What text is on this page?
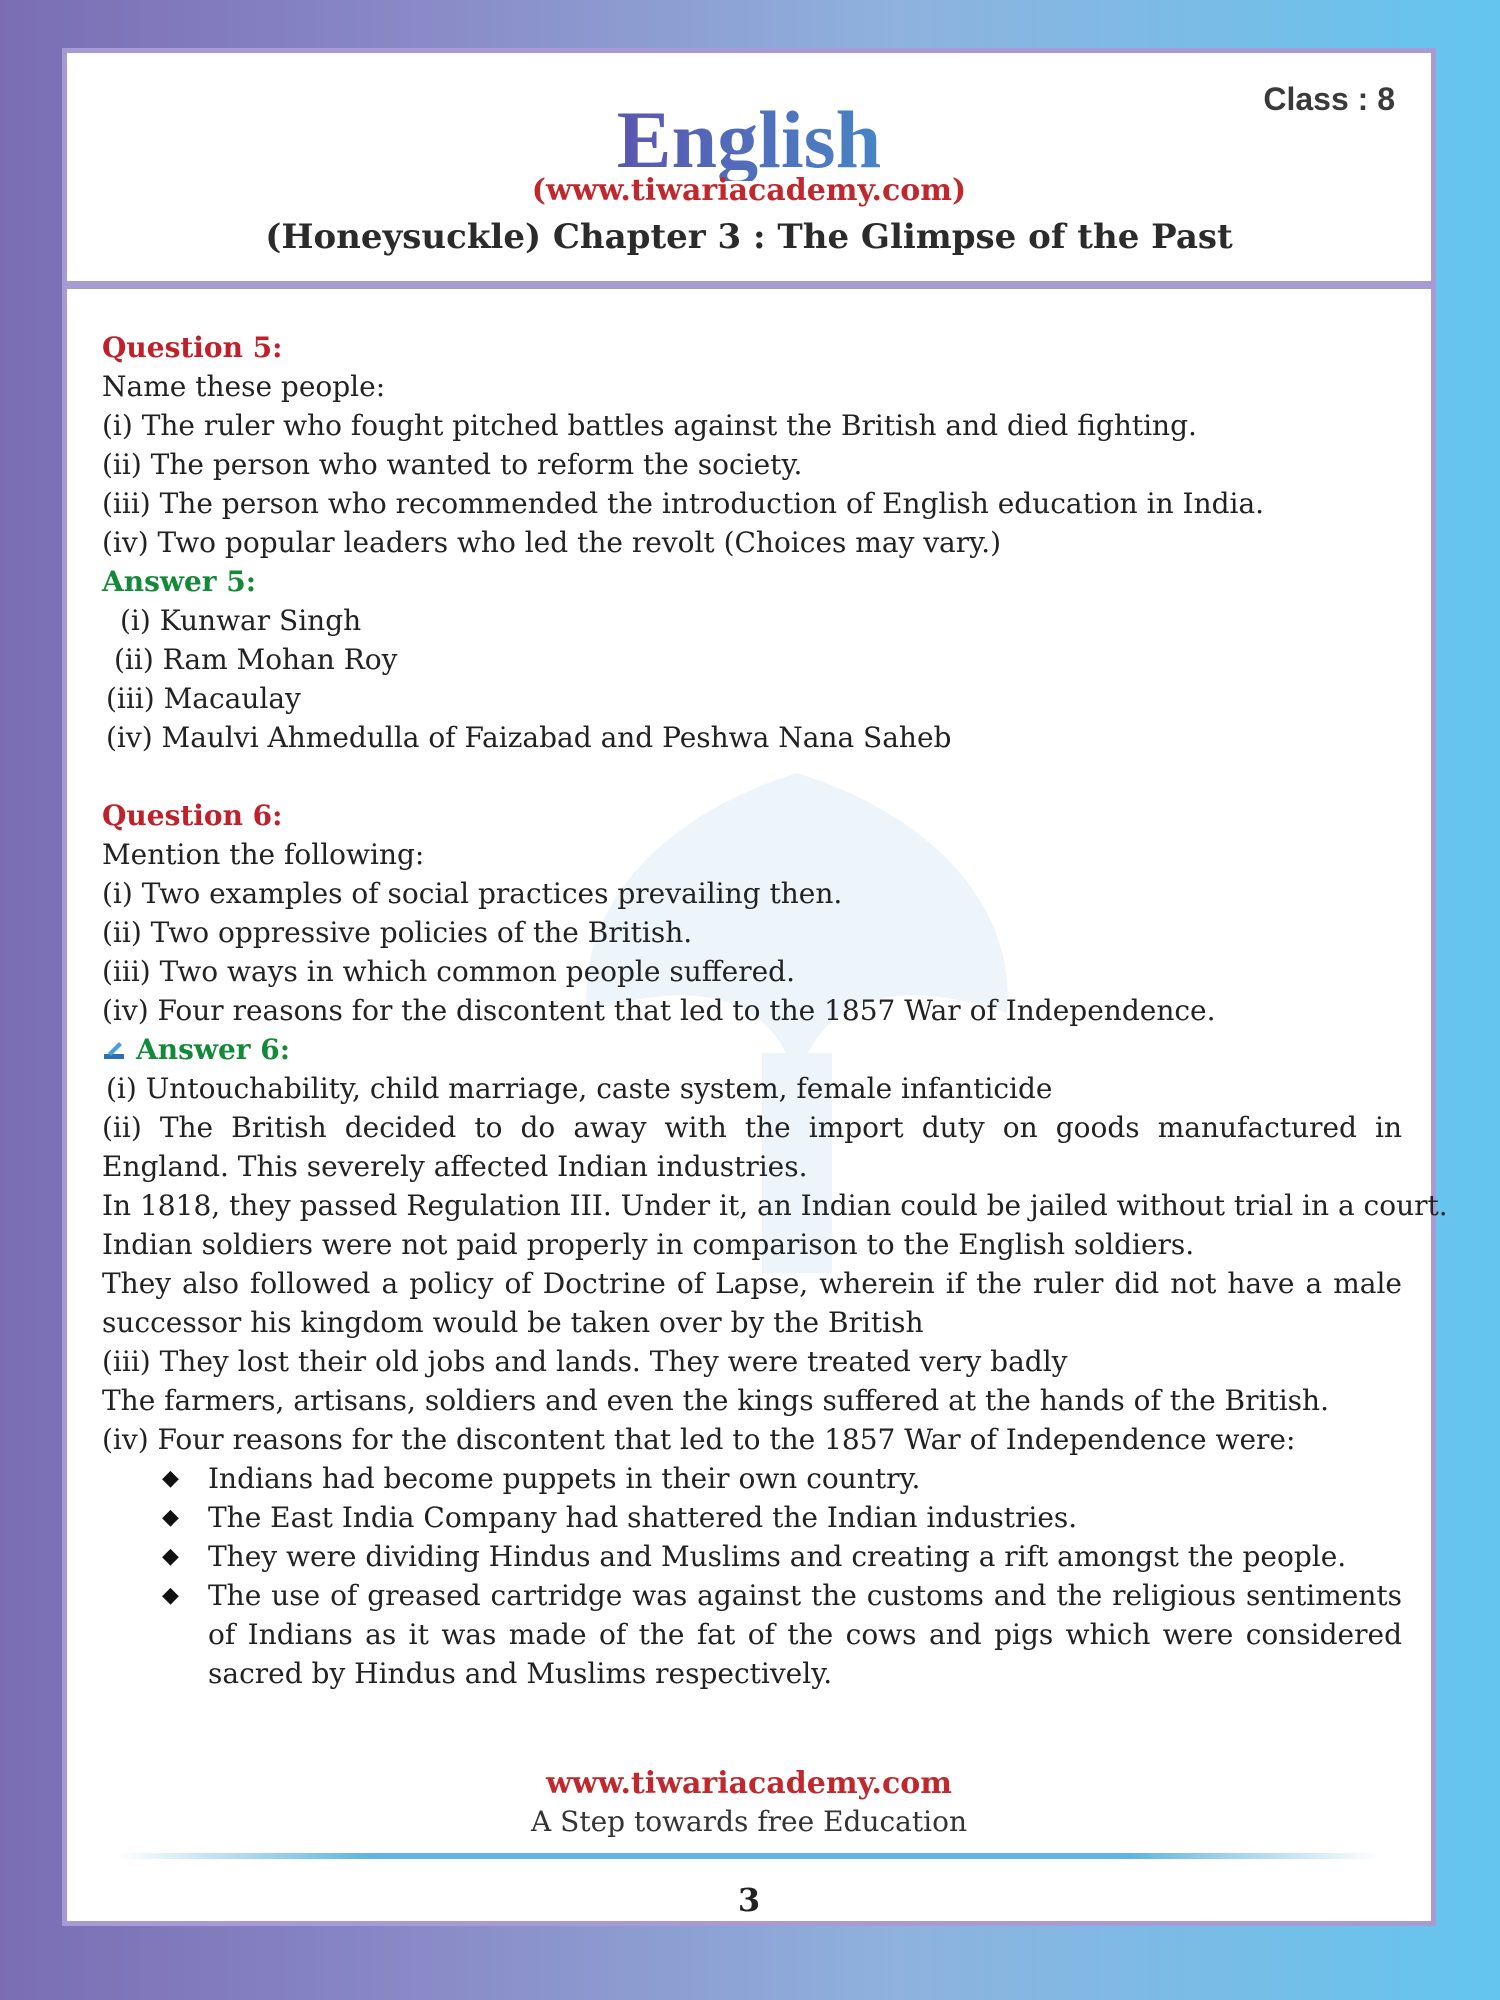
English	Class : 8
(www.tiwariacademy.com)
(Honeysuckle) Chapter 3 : The Glimpse of the Past
Question 5:
Name these people:
(i) The ruler who fought pitched battles against the British and died fighting.
(ii) The person who wanted to reform the society.
(iii) The person who recommended the introduction of English education in India.
(iv) Two popular leaders who led the revolt (Choices may vary.)
Answer 5:
(i) Kunwar Singh
(ii) Ram Mohan Roy
(iii) Macaulay
(iv) Maulvi Ahmedulla of Faizabad and Peshwa Nana Saheb
Question 6:
Mention the following:
(i) Two examples of social practices prevailing then.
(ii) Two oppressive policies of the British.
(iii) Two ways in which common people suffered.
(iv) Four reasons for the discontent that led to the 1857 War of Independence.
Answer 6:
(i) Untouchability, child marriage, caste system, female infanticide
(ii) The British decided to do away with the import duty on goods manufactured in England. This severely affected Indian industries.
In 1818, they passed Regulation III. Under it, an Indian could be jailed without trial in a court.
Indian soldiers were not paid properly in comparison to the English soldiers.
They also followed a policy of Doctrine of Lapse, wherein if the ruler did not have a male successor his kingdom would be taken over by the British
(iii) They lost their old jobs and lands. They were treated very badly
The farmers, artisans, soldiers and even the kings suffered at the hands of the British.
(iv) Four reasons for the discontent that led to the 1857 War of Independence were:
◆ Indians had become puppets in their own country.
◆ The East India Company had shattered the Indian industries.
◆ They were dividing Hindus and Muslims and creating a rift amongst the people.
◆ The use of greased cartridge was against the customs and the religious sentiments of Indians as it was made of the fat of the cows and pigs which were considered sacred by Hindus and Muslims respectively.
www.tiwariacademy.com
A Step towards free Education
3
